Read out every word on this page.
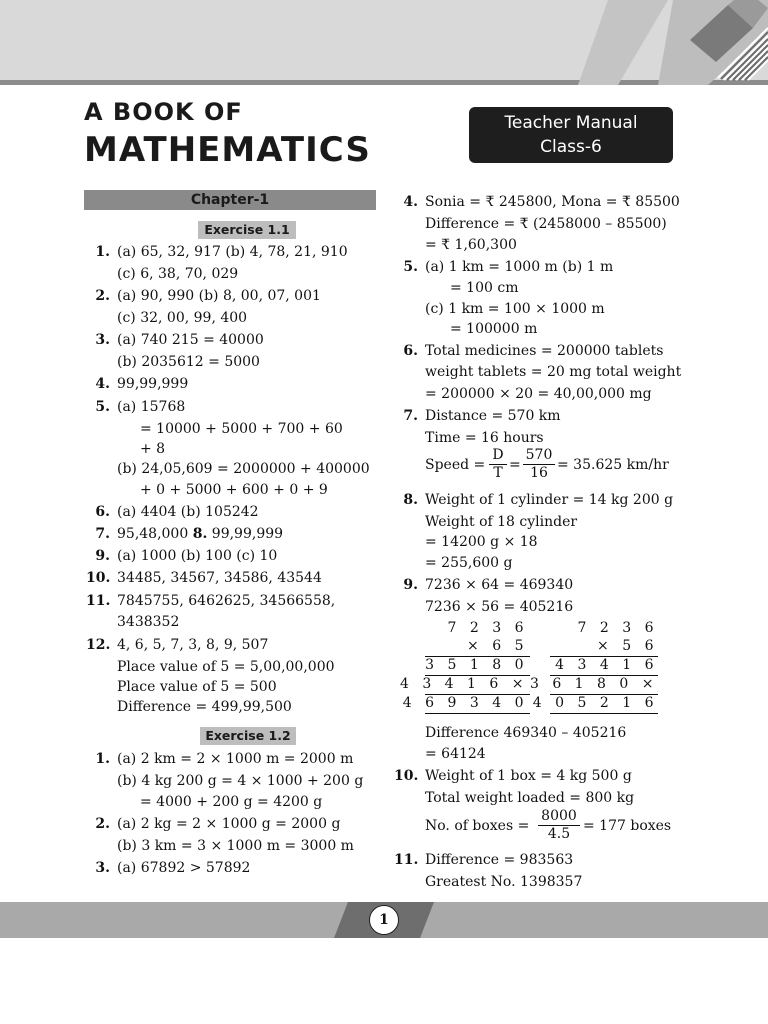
A BOOK OF
MATHEMATICS
Teacher Manual
Class-6
Chapter-1
Exercise 1.1
1. (a) 65, 32, 917 (b) 4, 78, 21, 910
(c) 6, 38, 70, 029
2. (a) 90, 990 (b) 8, 00, 07, 001
(c) 32, 00, 99, 400
3. (a) 740 215 = 40000
(b) 2035612 = 5000
4. 99,99,999
5. (a) 15768
= 10000 + 5000 + 700 + 60
+ 8
(b) 24,05,609 = 2000000 + 400000
+ 0 + 5000 + 600 + 0 + 9
6. (a) 4404 (b) 105242
7. 95,48,000 8. 99,99,999
9. (a) 1000 (b) 100 (c) 10
10. 34485, 34567, 34586, 43544
11. 7845755, 6462625, 34566558,
3438352
12. 4, 6, 5, 7, 3, 8, 9, 507
Place value of 5 = 5,00,00,000
Place value of 5 = 500
Difference = 499,99,500
Exercise 1.2
1. (a) 2 km = 2 × 1000 m = 2000 m
(b) 4 kg 200 g = 4 × 1000 + 200 g
= 4000 + 200 g = 4200 g
2. (a) 2 kg = 2 × 1000 g = 2000 g
(b) 3 km = 3 × 1000 m = 3000 m
3. (a) 67892 > 57892
4. Sonia = ₹ 245800, Mona = ₹ 85500
Difference = ₹ (2458000 – 85500)
= ₹ 1,60,300
5. (a) 1 km = 1000 m (b) 1 m
= 100 cm
(c) 1 km = 100 × 1000 m
= 100000 m
6. Total medicines = 200000 tablets
weight tablets = 20 mg total weight
= 200000 × 20 = 40,00,000 mg
7. Distance = 570 km
Time = 16 hours
Speed = $\frac{D}{T} = \frac{570}{16} = 35.625$ km/hr
8. Weight of 1 cylinder = 14 kg 200 g
Weight of 18 cylinder
= 14200 g × 18
= 255,600 g
9. 7236 × 64 = 469340
7236 × 56 = 405216
7 2 3 6
× 6 5
3 5 1 8 0
4 3 4 1 6 ×
4 6 9 3 4 0
7 2 3 6
× 5 6
4 3 4 1 6
3 6 1 8 0 ×
4 0 5 2 1 6
Difference 469340 – 405216
= 64124
10. Weight of 1 box = 4 kg 500 g
Total weight loaded = 800 kg
No. of boxes = $\frac{8000}{4.5} = 177$ boxes
11. Difference = 983563
Greatest No. 1398357
1
